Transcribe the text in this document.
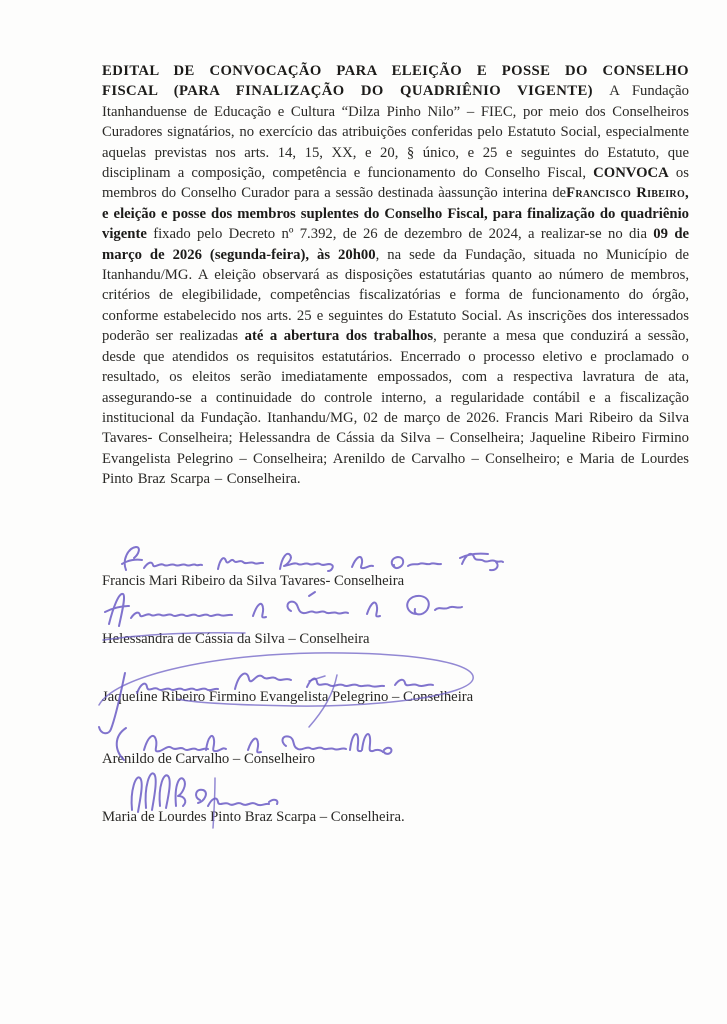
EDITAL DE CONVOCAÇÃO PARA ELEIÇÃO E POSSE DO CONSELHO FISCAL (PARA FINALIZAÇÃO DO QUADRIÊNIO VIGENTE) A Fundação Itanhanduense de Educação e Cultura “Dilza Pinho Nilo” – FIEC, por meio dos Conselheiros Curadores signatários, no exercício das atribuições conferidas pelo Estatuto Social, especialmente aquelas previstas nos arts. 14, 15, XX, e 20, § único, e 25 e seguintes do Estatuto, que disciplinam a composição, competência e funcionamento do Conselho Fiscal, CONVOCA os membros do Conselho Curador para a sessão destinada àassunção interina deFrancisco Ribeiro, e eleição e posse dos membros suplentes do Conselho Fiscal, para finalização do quadriênio vigente fixado pelo Decreto nº 7.392, de 26 de dezembro de 2024, a realizar-se no dia 09 de março de 2026 (segunda-feira), às 20h00, na sede da Fundação, situada no Município de Itanhandu/MG. A eleição observará as disposições estatutárias quanto ao número de membros, critérios de elegibilidade, competências fiscalizatórias e forma de funcionamento do órgão, conforme estabelecido nos arts. 25 e seguintes do Estatuto Social. As inscrições dos interessados poderão ser realizadas até a abertura dos trabalhos, perante a mesa que conduzirá a sessão, desde que atendidos os requisitos estatutários. Encerrado o processo eletivo e proclamado o resultado, os eleitos serão imediatamente empossados, com a respectiva lavratura de ata, assegurando-se a continuidade do controle interno, a regularidade contábil e a fiscalização institucional da Fundação. Itanhandu/MG, 02 de março de 2026. Francis Mari Ribeiro da Silva Tavares- Conselheira; Helessandra de Cássia da Silva – Conselheira; Jaqueline Ribeiro Firmino Evangelista Pelegrino – Conselheira; Arenildo de Carvalho – Conselheiro; e Maria de Lourdes Pinto Braz Scarpa – Conselheira.
Francis Mari Ribeiro da Silva Tavares- Conselheira
Helessandra de Cássia da Silva – Conselheira
Jaqueline Ribeiro Firmino Evangelista Pelegrino – Conselheira
Arenildo de Carvalho – Conselheiro
Maria de Lourdes Pinto Braz Scarpa – Conselheira.
